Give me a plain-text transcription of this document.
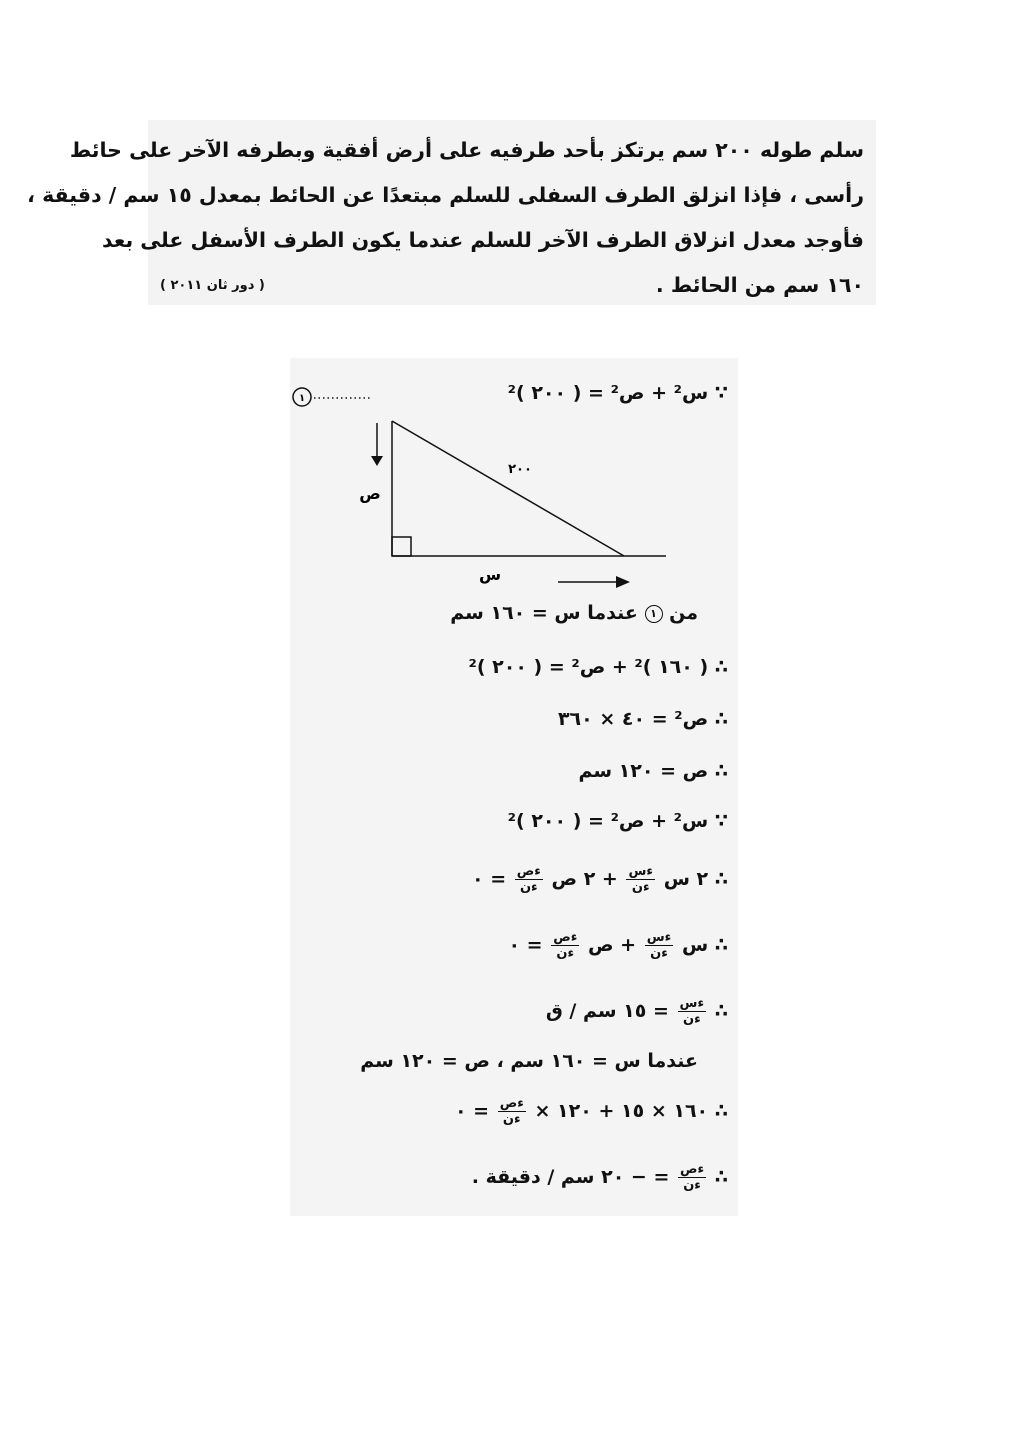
سلم طوله ٢٠٠ سم يرتكز بأحد طرفيه على أرض أفقية وبطرفه الآخر على حائط
رأسى ، فإذا انزلق الطرف السفلى للسلم مبتعدًا عن الحائط بمعدل ١٥ سم / دقيقة ،
فأوجد معدل انزلاق الطرف الآخر للسلم عندما يكون الطرف الأسفل على بعد
١٦٠ سم من الحائط .
( دور ثان ٢٠١١ )
ص
٢٠٠
س
١	∵ س² + ص² = ( ٢٠٠ )²
من ١ عندما س = ١٦٠ سم
∴ ( ١٦٠ )² + ص² = ( ٢٠٠ )²
∴ ص² = ٤٠ × ٣٦٠
∴ ص = ١٢٠ سم
∵ س² + ص² = ( ٢٠٠ )²
∴ ٢ س
$\frac{\text{ءس}}{\text{ءن}}$
+ ٢ ص
$\frac{\text{ءص}}{\text{ءن}}$
= ٠
∴ س
$\frac{\text{ءس}}{\text{ءن}}$
+ ص
$\frac{\text{ءص}}{\text{ءن}}$
= ٠
∴
$\frac{\text{ءس}}{\text{ءن}}$
= ١٥ سم / ق
عندما س = ١٦٠ سم ، ص = ١٢٠ سم
∴ ١٦٠ × ١٥ + ١٢٠ ×
$\frac{\text{ءص}}{\text{ءن}}$
= ٠
∴
$\frac{\text{ءص}}{\text{ءن}}$
= − ٢٠ سم / دقيقة .
